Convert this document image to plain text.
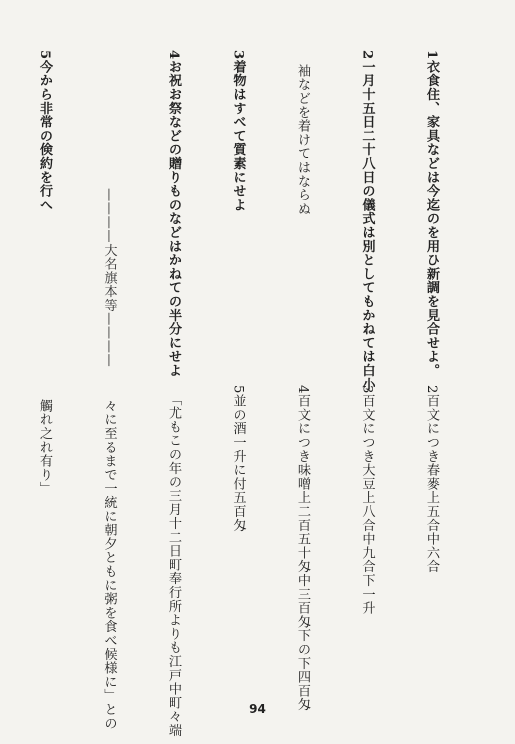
1衣食住、家具などは今迄のを用ひ新調を見合せよ。

2一月十五日二十八日の儀式は別としてもかねては白小

　袖などを着けてはならぬ

3着物はすべて質素にせよ

4お祝お祭などの贈りものなどはかねての半分にせよ

　　　　　　　　　　————大名旗本等————

5今から非常の倹約を行へ

2百文につき春麥上五合中六合

3百文につき大豆上八合中九合下一升

4百文につき味噌上二百五十匁中三百匁下の下四百匁

5並の酒一升に付五百匁

　「尤もこの年の三月十二日町奉行所よりも江戸中町々端

　々に至るまで一統に朝夕ともに粥を食べ候様に」との

　觸れ之れ有り」

94
